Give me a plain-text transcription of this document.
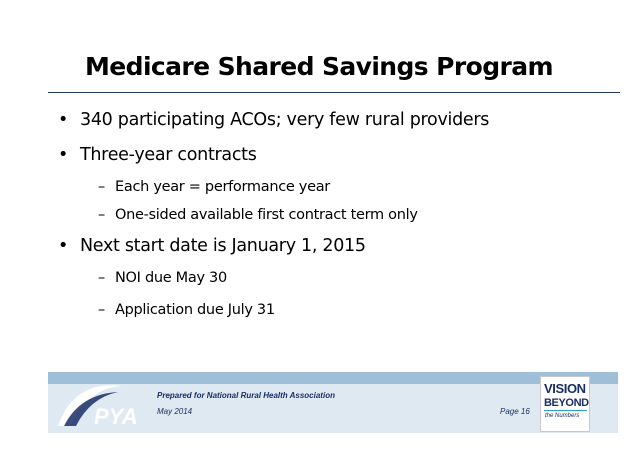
Medicare Shared Savings Program
• 340 participating ACOs; very few rural providers
• Three-year contracts
– Each year = performance year
– One-sided available first contract term only
• Next start date is January 1, 2015
– NOI due May 30
– Application due July 31
PYA
Prepared for National Rural Health Association
May 2014	Page 16
VISION
BEYOND
the Numbers
